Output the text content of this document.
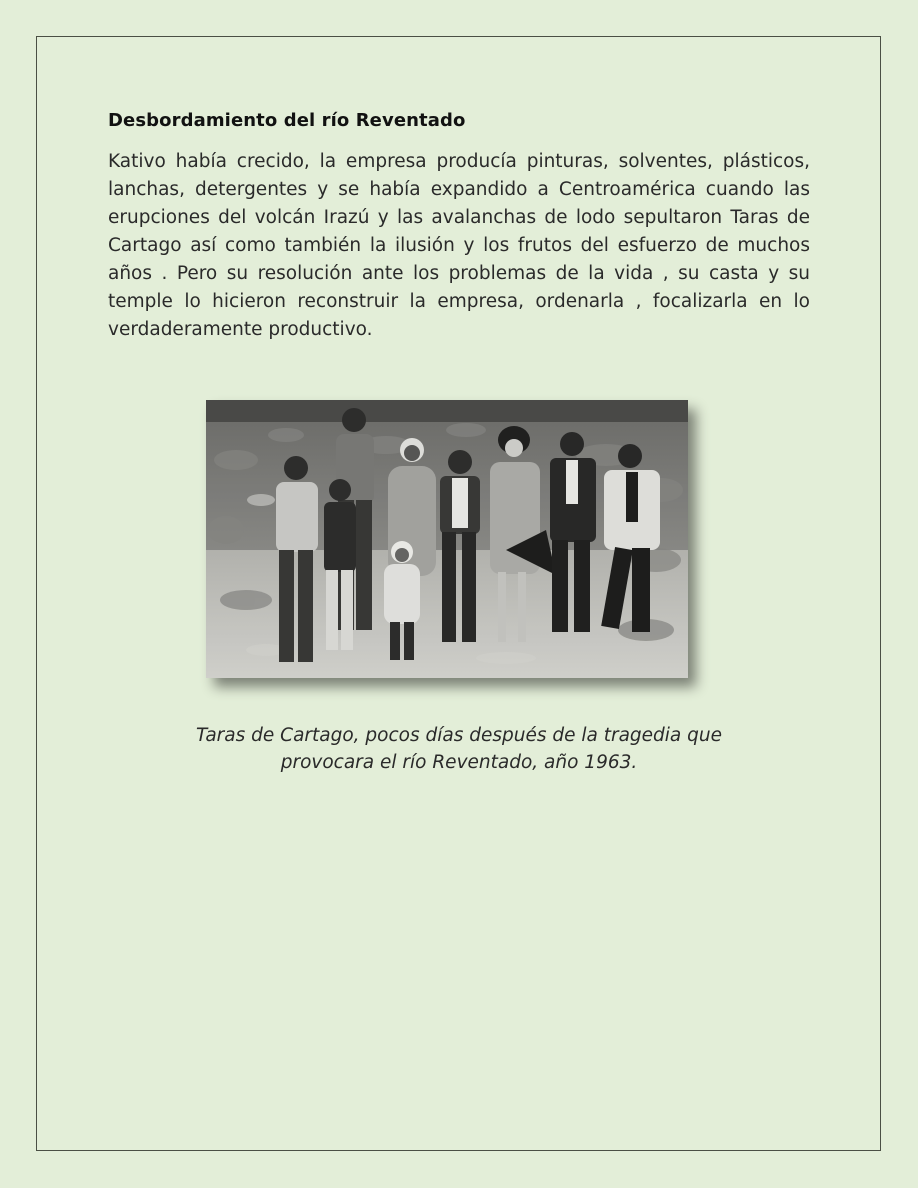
Desbordamiento del río Reventado

Kativo había crecido, la empresa producía pinturas, solventes, plásticos, lanchas, detergentes y se había expandido a Centroamérica cuando las erupciones del volcán Irazú y las avalanchas de lodo sepultaron Taras de Cartago así como también la ilusión y los frutos del esfuerzo de muchos años . Pero su resolución ante los problemas de la vida , su casta y su temple lo hicieron reconstruir la empresa, ordenarla , focalizarla en lo verdaderamente productivo.

Taras de Cartago, pocos días después de la tragedia que
provocara el río Reventado, año 1963.
